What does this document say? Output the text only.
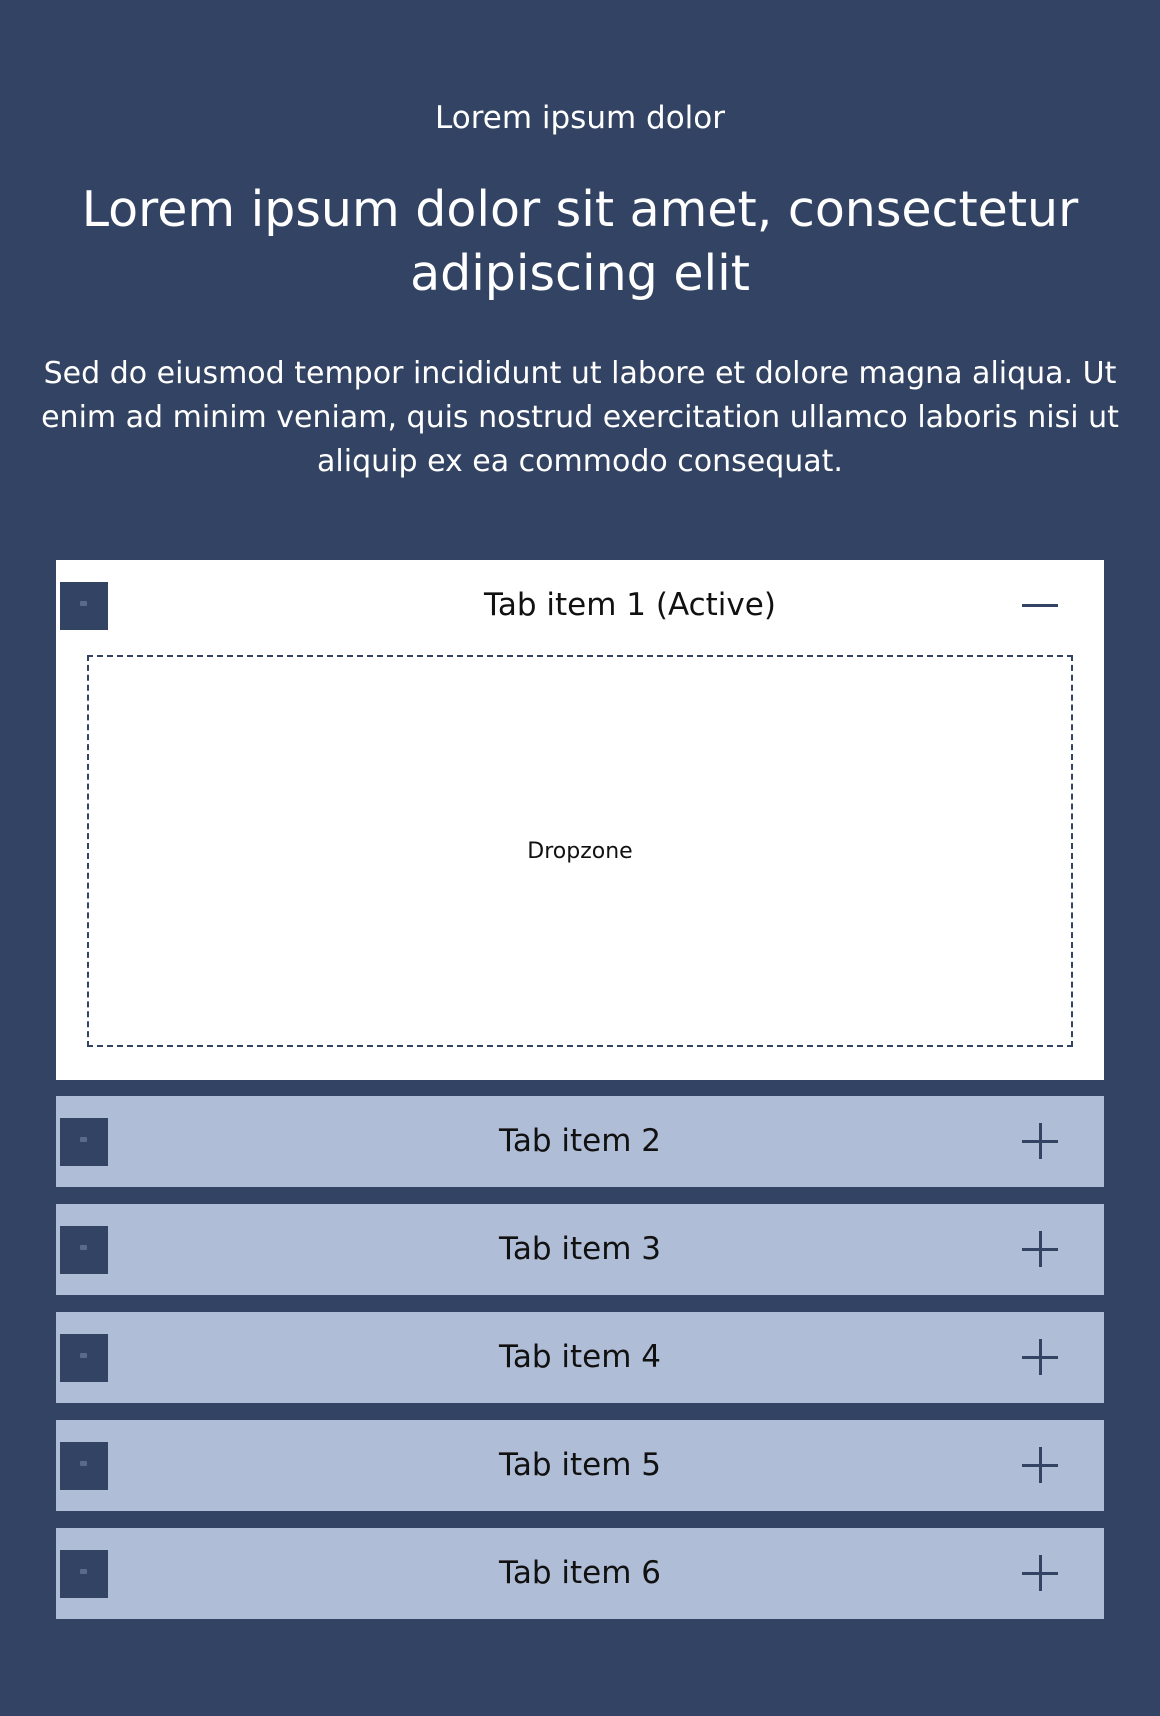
Lorem ipsum dolor
Lorem ipsum dolor sit amet, consectetur adipiscing elit

Sed do eiusmod tempor incididunt ut labore et dolore magna aliqua. Ut enim ad minim veniam, quis nostrud exercitation ullamco laboris nisi ut aliquip ex ea commodo consequat.

Tab item 1 (Active)
Dropzone
Tab item 2
Tab item 3
Tab item 4
Tab item 5
Tab item 6
